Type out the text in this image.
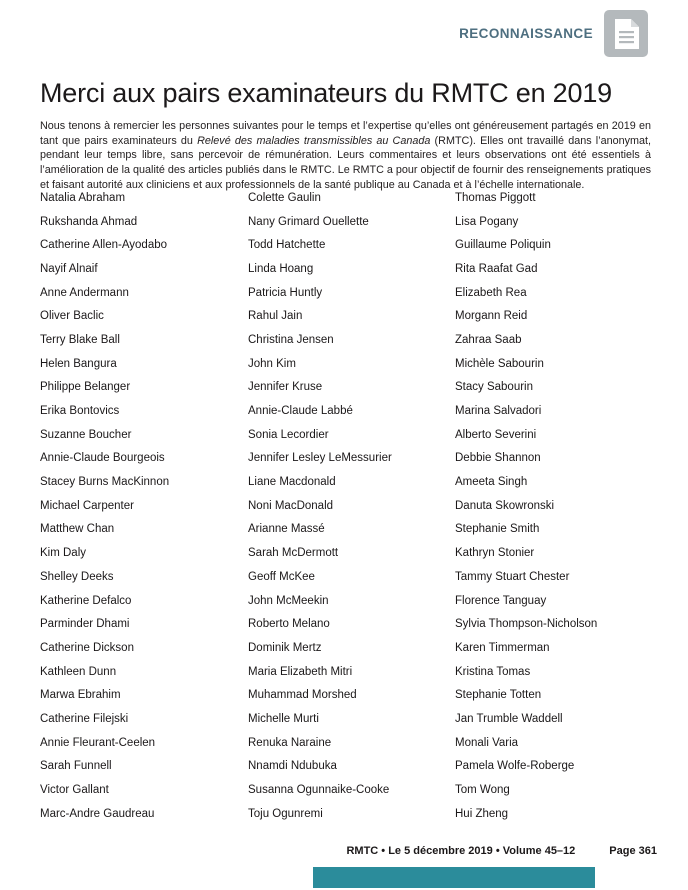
RECONNAISSANCE
Merci aux pairs examinateurs du RMTC en 2019

Nous tenons à remercier les personnes suivantes pour le temps et l’expertise qu’elles ont généreusement partagés en 2019 en tant que pairs examinateurs du Relevé des maladies transmissibles au Canada (RMTC). Elles ont travaillé dans l’anonymat, pendant leur temps libre, sans percevoir de rémunération. Leurs commentaires et leurs observations ont été essentiels à l’amélioration de la qualité des articles publiés dans le RMTC. Le RMTC a pour objectif de fournir des renseignements pratiques et faisant autorité aux cliniciens et aux professionnels de la santé publique au Canada et à l’échelle internationale.

Natalia Abraham
Rukshanda Ahmad
Catherine Allen-Ayodabo
Nayif Alnaif
Anne Andermann
Oliver Baclic
Terry Blake Ball
Helen Bangura
Philippe Belanger
Erika Bontovics
Suzanne Boucher
Annie-Claude Bourgeois
Stacey Burns MacKinnon
Michael Carpenter
Matthew Chan
Kim Daly
Shelley Deeks
Katherine Defalco
Parminder Dhami
Catherine Dickson
Kathleen Dunn
Marwa Ebrahim
Catherine Filejski
Annie Fleurant-Ceelen
Sarah Funnell
Victor Gallant
Marc-Andre Gaudreau
Colette Gaulin
Nany Grimard Ouellette
Todd Hatchette
Linda Hoang
Patricia Huntly
Rahul Jain
Christina Jensen
John Kim
Jennifer Kruse
Annie-Claude Labbé
Sonia Lecordier
Jennifer Lesley LeMessurier
Liane Macdonald
Noni MacDonald
Arianne Massé
Sarah McDermott
Geoff McKee
John McMeekin
Roberto Melano
Dominik Mertz
Maria Elizabeth Mitri
Muhammad Morshed
Michelle Murti
Renuka Naraine
Nnamdi Ndubuka
Susanna Ogunnaike-Cooke
Toju Ogunremi
Thomas Piggott
Lisa Pogany
Guillaume Poliquin
Rita Raafat Gad
Elizabeth Rea
Morgann Reid
Zahraa Saab
Michèle Sabourin
Stacy Sabourin
Marina Salvadori
Alberto Severini
Debbie Shannon
Ameeta Singh
Danuta Skowronski
Stephanie Smith
Kathryn Stonier
Tammy Stuart Chester
Florence Tanguay
Sylvia Thompson-Nicholson
Karen Timmerman
Kristina Tomas
Stephanie Totten
Jan Trumble Waddell
Monali Varia
Pamela Wolfe-Roberge
Tom Wong
Hui Zheng
RMTC • Le 5 décembre 2019 • Volume 45–12	Page 361
